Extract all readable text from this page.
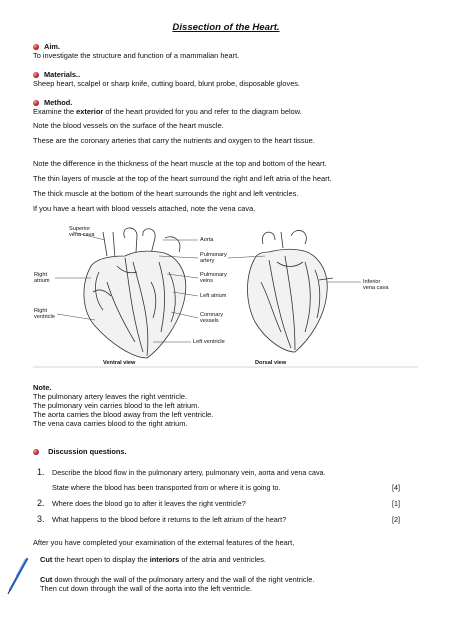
Dissection of the Heart.
Aim.
To investigate the structure and function of a mammalian heart.
Materials..
Sheep heart, scalpel or sharp knife, cutting board, blunt probe, disposable gloves.
Method.
Examine the exterior of the heart provided for you and refer to the diagram below.
Note the blood vessels on the surface of the heart muscle.
These are the coronary arteries that carry the nutrients and oxygen to the heart tissue.
Note the difference in the thickness of the heart muscle at the top and bottom of the heart.
The thin layers of muscle at the top of the heart surround the right and left atria of the heart.
The thick muscle at the bottom of the heart surrounds the right and left ventricles.
If you have a heart with blood vessels attached, note the vena cava.
Superior
vena cava
Right
atrium
Right
ventricle
Aorta
Pulmonary
artery
Pulmonary
veins
Left atrium
Coronary
vessels
Left ventricle
Inferior
vena cava
Ventral view	Dorsal view
Note.
The pulmonary artery leaves the right ventricle.
The pulmonary vein carries blood to the left atrium.
The aorta carries the blood away from the left ventricle.
The vena cava carries blood to the right atrium.
Discussion questions.
1. Describe the blood flow in the pulmonary artery, pulmonary vein, aorta and vena cava.
State where the blood has been transported from or where it is going to.	[4]
2. Where does the blood go to after it leaves the right ventricle?	[1]
3. What happens to the blood before it returns to the left atrium of the heart?	[2]
After you have completed your examination of the external features of the heart,
Cut the heart open to display the interiors of the atria and ventricles.
Cut down through the wall of the pulmonary artery and the wall of the right ventricle.
Then cut down through the wall of the aorta into the left ventricle.
